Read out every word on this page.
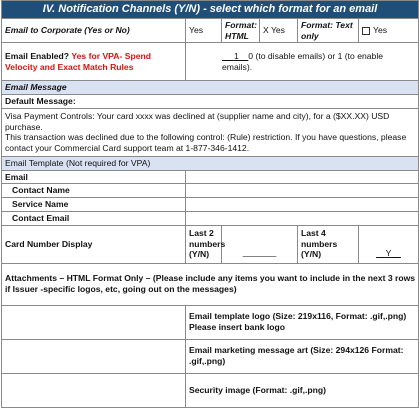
IV. Notification Channels (Y/N) - select which format for an email					
Email to Corporate (Yes or No)	Yes	Format: HTML	X Yes	Format: Text only	Yes
Email Enabled? Yes for VPA- Spend Velocity and Exact Match Rules	1 0 (to disable emails) or 1 (to enable emails).				
Email Message					
Default Message:					

Visa Payment Controls: Your card xxxx was declined at (supplier name and city), for a ($XX.XX) USD purchase.
This transaction was declined due to the following control: (Rule) restriction. If you have questions, please
contact your Commercial Card support team at 1-877-346-1412.					

Email Template (Not required for VPA)					
Email					
Contact Name					
Service Name					
Contact Email					
Card Number Display	Last 2 numbers (Y/N)	_______		Last 4 numbers (Y/N)	Y
Attachments – HTML Format Only – (Please include any items you want to include in the next 3 rows if Issuer -specific logos, etc, going out on the messages)					
	Email template logo (Size: 219x116, Format: .gif,.png) Please insert bank logo				
	Email marketing message art (Size: 294x126 Format: .gif,.png)				
	Security image (Format: .gif,.png)				
